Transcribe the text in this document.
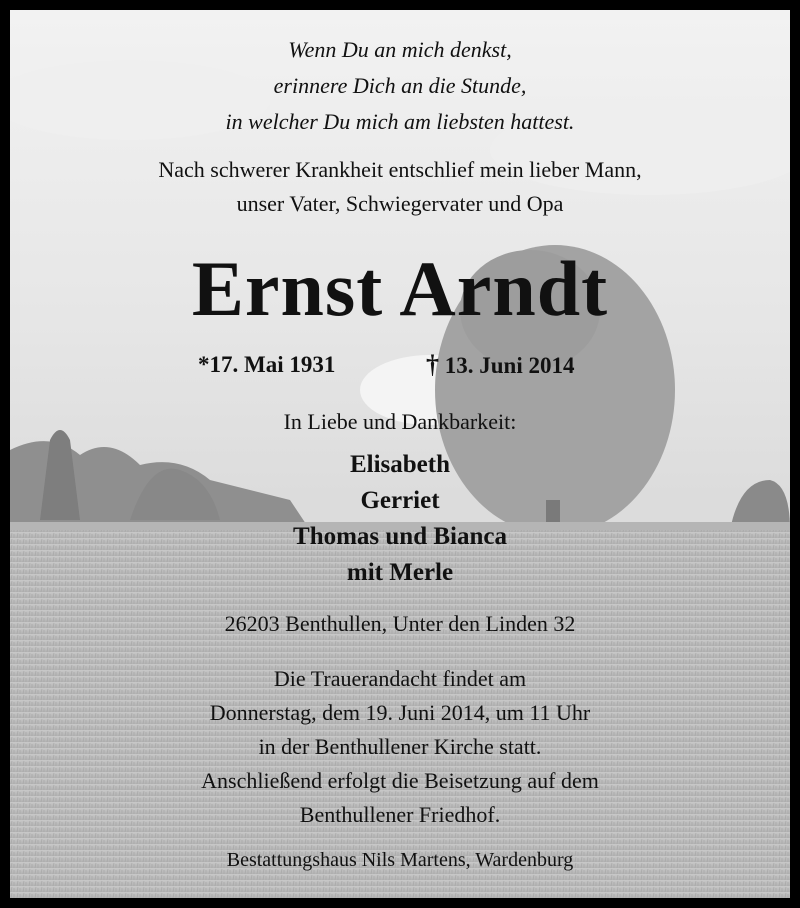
Wenn Du an mich denkst,
erinnere Dich an die Stunde,
in welcher Du mich am liebsten hattest.
Nach schwerer Krankheit entschlief mein lieber Mann,
unser Vater, Schwiegervater und Opa
Ernst Arndt
*17. Mai 1931	† 13. Juni 2014
In Liebe und Dankbarkeit:
Elisabeth
Gerriet
Thomas und Bianca
mit Merle
26203 Benthullen, Unter den Linden 32
Die Trauerandacht findet am
Donnerstag, dem 19. Juni 2014, um 11 Uhr
in der Benthullener Kirche statt.
Anschließend erfolgt die Beisetzung auf dem
Benthullener Friedhof.
Bestattungshaus Nils Martens, Wardenburg
